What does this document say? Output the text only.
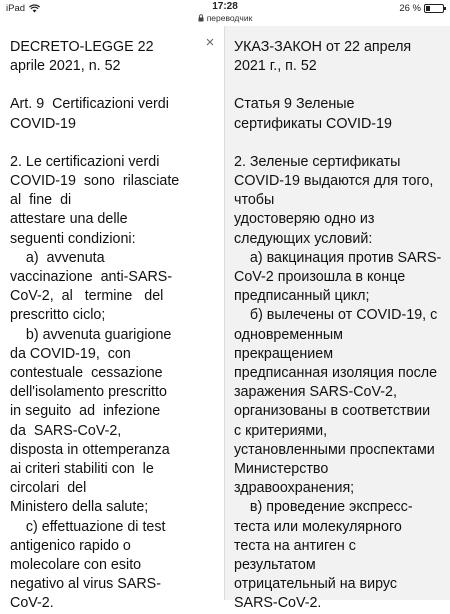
iPad	17:28
переводчик
26 %
DECRETO-LEGGE 22
aprile 2021, n. 52
Art. 9  Certificazioni verdi
COVID-19
2. Le certificazioni verdi
COVID-19  sono  rilasciate
al  fine  di
attestare una delle
seguenti condizioni:
a)  avvenuta
vaccinazione  anti-SARS-
CoV-2,  al   termine   del
prescritto ciclo;
b) avvenuta guarigione
da COVID-19,  con
contestuale  cessazione
dell'isolamento prescritto
in seguito  ad  infezione
da  SARS-CoV-2,
disposta in ottemperanza
ai criteri stabiliti con  le
circolari  del
Ministero della salute;
c) effettuazione di test
antigenico rapido o
molecolare con esito
negativo al virus SARS-
CoV-2.
× УКАЗ-ЗАКОН от 22 апреля
2021 г., п. 52
Статья 9 Зеленые
сертификаты COVID-19
2. Зеленые сертификаты
COVID-19 выдаются для того,
чтобы
удостоверяю одно из
следующих условий:
а) вакцинация против SARS-
CoV-2 произошла в конце
предписанный цикл;
б) вылечены от COVID-19, с
одновременным
прекращением
предписанная изоляция после
заражения SARS-CoV-2,
организованы в соответствии
с критериями,
установленными проспектами
Министерство
здравоохранения;
в) проведение экспресс-
теста или молекулярного
теста на антиген с
результатом
отрицательный на вирус
SARS-CoV-2.
